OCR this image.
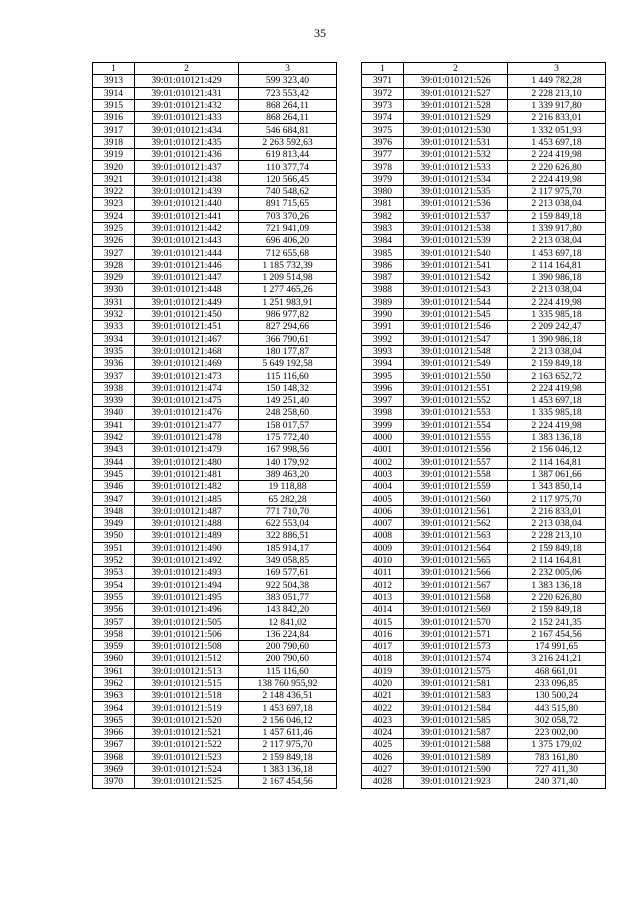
35
1	2	3
3913	39:01:010121:429	599 323,40
3914	39:01:010121:431	723 553,42
3915	39:01:010121:432	868 264,11
3916	39:01:010121:433	868 264,11
3917	39:01:010121:434	546 684,81
3918	39:01:010121:435	2 263 592,63
3919	39:01:010121:436	619 813,44
3920	39:01:010121:437	110 377,74
3921	39:01:010121:438	120 566,45
3922	39:01:010121:439	740 548,62
3923	39:01:010121:440	891 715,65
3924	39:01:010121:441	703 370,26
3925	39:01:010121:442	721 941,09
3926	39:01:010121:443	696 406,20
3927	39:01:010121:444	712 655,68
3928	39:01:010121:446	1 185 732,39
3929	39:01:010121:447	1 209 514,98
3930	39:01:010121:448	1 277 465,26
3931	39:01:010121:449	1 251 983,91
3932	39:01:010121:450	986 977,82
3933	39:01:010121:451	827 294,66
3934	39:01:010121:467	366 790,61
3935	39:01:010121:468	180 177,87
3936	39:01:010121:469	5 649 192,58
3937	39:01:010121:473	115 116,60
3938	39:01:010121:474	150 148,32
3939	39:01:010121:475	149 251,40
3940	39:01:010121:476	248 258,60
3941	39:01:010121:477	158 017,57
3942	39:01:010121:478	175 772,40
3943	39:01:010121:479	167 998,56
3944	39:01:010121:480	140 179,92
3945	39:01:010121:481	389 463,20
3946	39:01:010121:482	19 118,88
3947	39:01:010121:485	65 282,28
3948	39:01:010121:487	771 710,70
3949	39:01:010121:488	622 553,04
3950	39:01:010121:489	322 886,51
3951	39:01:010121:490	185 914,17
3952	39:01:010121:492	349 058,85
3953	39:01:010121:493	169 577,61
3954	39:01:010121:494	922 504,38
3955	39:01:010121:495	383 051,77
3956	39:01:010121:496	143 842,20
3957	39:01:010121:505	12 841,02
3958	39:01:010121:506	136 224,84
3959	39:01:010121:508	200 790,60
3960	39:01:010121:512	200 790,60
3961	39:01:010121:513	115 116,60
3962	39:01:010121:515	138 760 955,92
3963	39:01:010121:518	2 148 436,51
3964	39:01:010121:519	1 453 697,18
3965	39:01:010121:520	2 156 046,12
3966	39:01:010121:521	1 457 611,46
3967	39:01:010121:522	2 117 975,70
3968	39:01:010121:523	2 159 849,18
3969	39:01:010121:524	1 383 136,18
3970	39:01:010121:525	2 167 454,56
1	2	3
3971	39:01:010121:526	1 449 782,28
3972	39:01:010121:527	2 228 213,10
3973	39:01:010121:528	1 339 917,80
3974	39:01:010121:529	2 216 833,01
3975	39:01:010121:530	1 332 051,93
3976	39:01:010121:531	1 453 697,18
3977	39:01:010121:532	2 224 419,98
3978	39:01:010121:533	2 220 626,80
3979	39:01:010121:534	2 224 419,98
3980	39:01:010121:535	2 117 975,70
3981	39:01:010121:536	2 213 038,04
3982	39:01:010121:537	2 159 849,18
3983	39:01:010121:538	1 339 917,80
3984	39:01:010121:539	2 213 038,04
3985	39:01:010121:540	1 453 697,18
3986	39:01:010121:541	2 114 164,81
3987	39:01:010121:542	1 390 986,18
3988	39:01:010121:543	2 213 038,04
3989	39:01:010121:544	2 224 419,98
3990	39:01:010121:545	1 335 985,18
3991	39:01:010121:546	2 209 242,47
3992	39:01:010121:547	1 390 986,18
3993	39:01:010121:548	2 213 038,04
3994	39:01:010121:549	2 159 849,18
3995	39:01:010121:550	2 163 652,72
3996	39:01:010121:551	2 224 419,98
3997	39:01:010121:552	1 453 697,18
3998	39:01:010121:553	1 335 985,18
3999	39:01:010121:554	2 224 419,98
4000	39:01:010121:555	1 383 136,18
4001	39:01:010121:556	2 156 046,12
4002	39:01:010121:557	2 114 164,81
4003	39:01:010121:558	1 387 061,66
4004	39:01:010121:559	1 343 850,14
4005	39:01:010121:560	2 117 975,70
4006	39:01:010121:561	2 216 833,01
4007	39:01:010121:562	2 213 038,04
4008	39:01:010121:563	2 228 213,10
4009	39:01:010121:564	2 159 849,18
4010	39:01:010121:565	2 114 164,81
4011	39:01:010121:566	2 232 005,06
4012	39:01:010121:567	1 383 136,18
4013	39:01:010121:568	2 220 626,80
4014	39:01:010121:569	2 159 849,18
4015	39:01:010121:570	2 152 241,35
4016	39:01:010121:571	2 167 454,56
4017	39:01:010121:573	174 991,65
4018	39:01:010121:574	3 216 241,21
4019	39:01:010121:575	468 661,01
4020	39:01:010121:581	233 096,85
4021	39:01:010121:583	130 500,24
4022	39:01:010121:584	443 515,80
4023	39:01:010121:585	302 058,72
4024	39:01:010121:587	223 002,00
4025	39:01:010121:588	1 375 179,02
4026	39:01:010121:589	783 161,80
4027	39:01:010121:590	727 411,30
4028	39:01:010121:923	240 371,40
